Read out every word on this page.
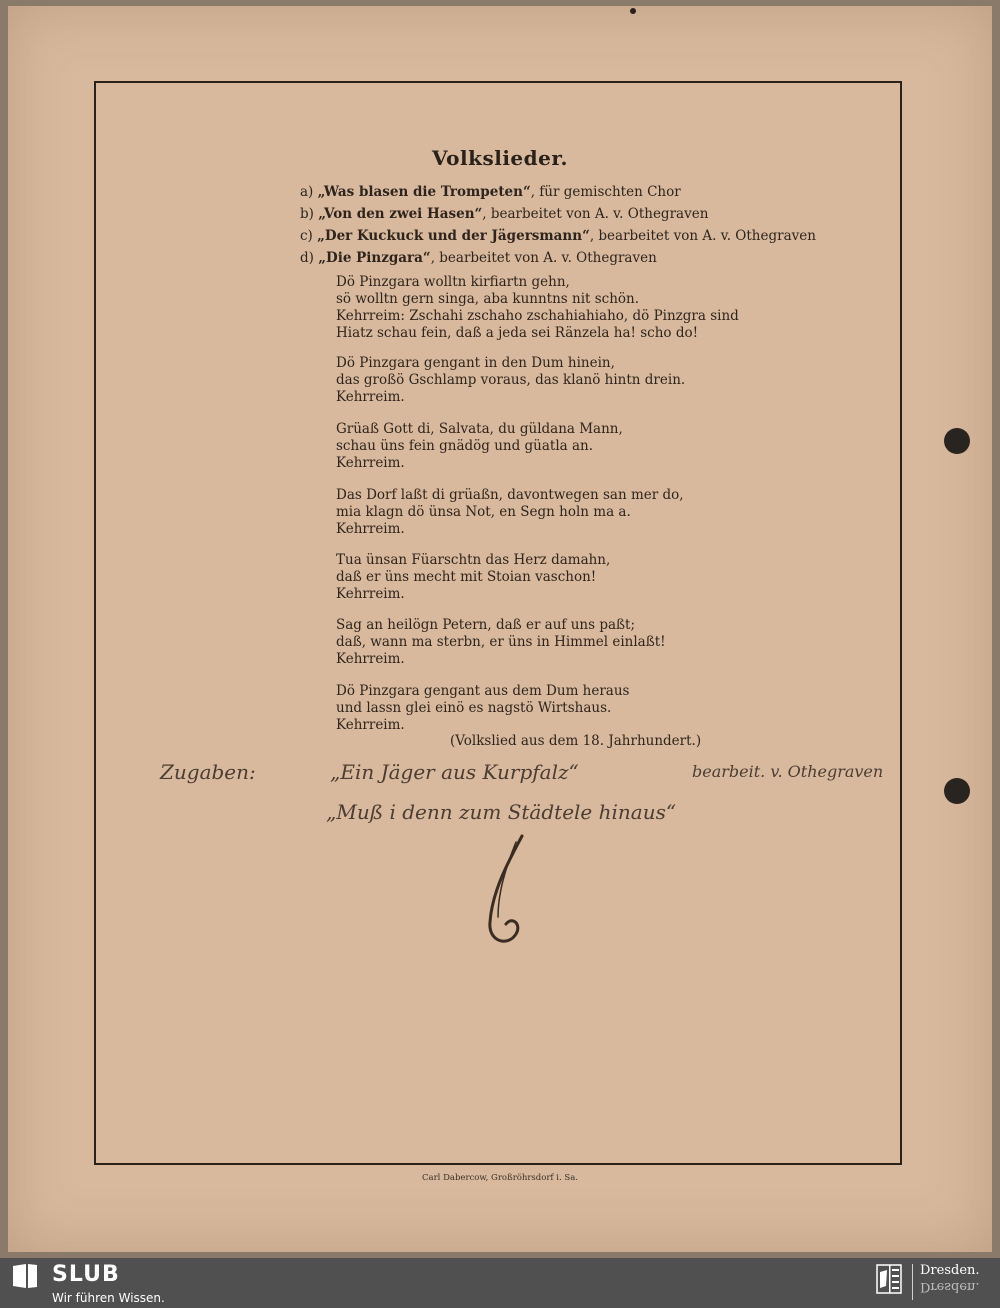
Volkslieder.
a) „Was blasen die Trompeten“, für gemischten Chor
b) „Von den zwei Hasen“, bearbeitet von A. v. Othegraven
c) „Der Kuckuck und der Jägersmann“, bearbeitet von A. v. Othegraven
d) „Die Pinzgara“, bearbeitet von A. v. Othegraven
Dö Pinzgara wolltn kirfiartn gehn,
sö wolltn gern singa, aba kunntns nit schön.
Kehrreim: Zschahi zschaho zschahiahiaho, dö Pinzgra sind
Hiatz schau fein, daß a jeda sei Ränzela ha! scho do!
Dö Pinzgara gengant in den Dum hinein,
das großö Gschlamp voraus, das klanö hintn drein.
Kehrreim.
Grüaß Gott di, Salvata, du güldana Mann,
schau üns fein gnädög und güatla an.
Kehrreim.
Das Dorf laßt di grüaßn, davontwegen san mer do,
mia klagn dö ünsa Not, en Segn holn ma a.
Kehrreim.
Tua ünsan Füarschtn das Herz damahn,
daß er üns mecht mit Stoian vaschon!
Kehrreim.
Sag an heilögn Petern, daß er auf uns paßt;
daß, wann ma sterbn, er üns in Himmel einlaßt!
Kehrreim.
Dö Pinzgara gengant aus dem Dum heraus
und lassn glei einö es nagstö Wirtshaus.
Kehrreim.
(Volkslied aus dem 18. Jahrhundert.)
Zugaben:	„Ein Jäger aus Kurpfalz“	bearbeit. v. Othegraven
„Muß i denn zum Städtele hinaus“
Carl Dabercow, Großröhrsdorf i. Sa.
SLUB
Wir führen Wissen.
Dresden.
Dresden.
